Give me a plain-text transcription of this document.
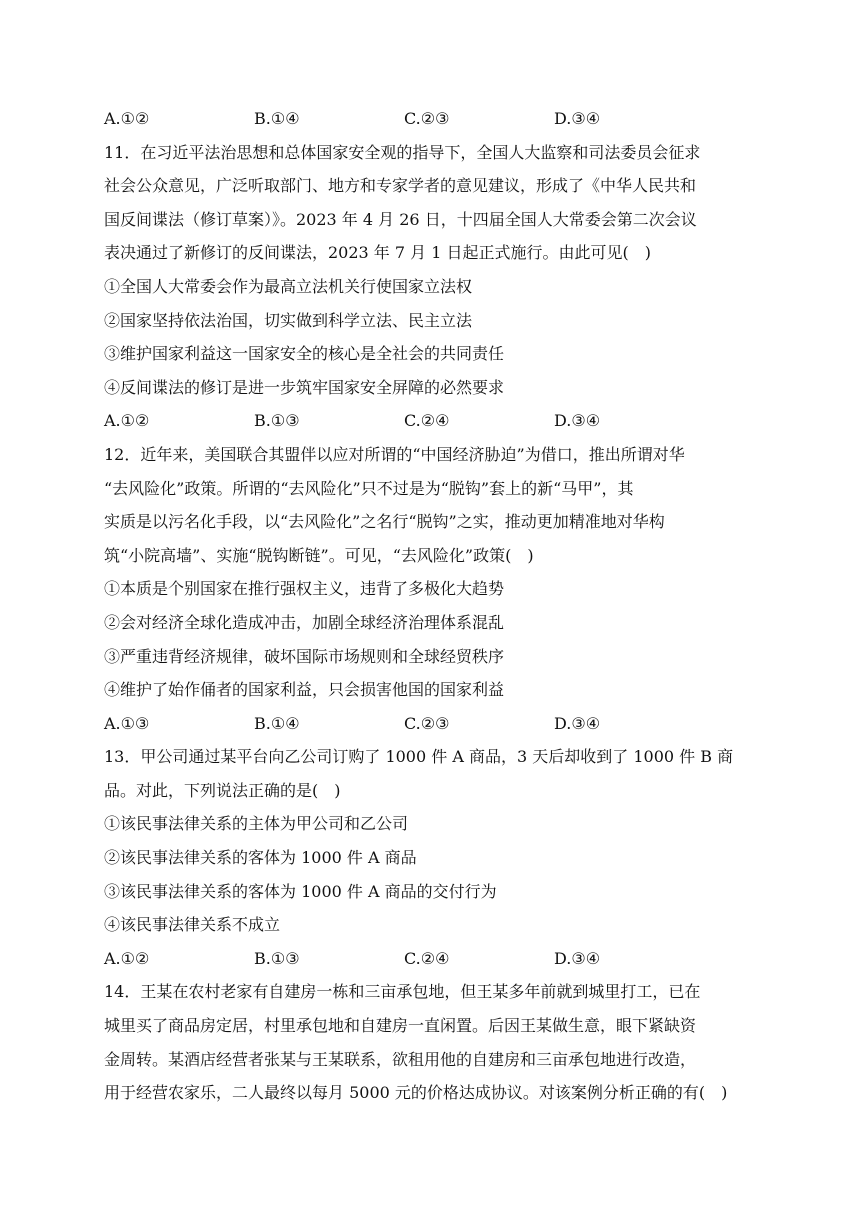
A.①②	B.①④	C.②③	D.③④
11．在习近平法治思想和总体国家安全观的指导下，全国人大监察和司法委员会征求
社会公众意见，广泛听取部门、地方和专家学者的意见建议，形成了《中华人民共和
国反间谍法（修订草案）》。2023 年 4 月 26 日，十四届全国人大常委会第二次会议
表决通过了新修订的反间谍法，2023 年 7 月 1 日起正式施行。由此可见(　)
①全国人大常委会作为最高立法机关行使国家立法权
②国家坚持依法治国，切实做到科学立法、民主立法
③维护国家利益这一国家安全的核心是全社会的共同责任
④反间谍法的修订是进一步筑牢国家安全屏障的必然要求
A.①②	B.①③	C.②④	D.③④
12．近年来，美国联合其盟伴以应对所谓的“中国经济胁迫”为借口，推出所谓对华
“去风险化”政策。所谓的“去风险化”只不过是为“脱钩”套上的新“马甲”，其
实质是以污名化手段，以“去风险化”之名行“脱钩”之实，推动更加精准地对华构
筑“小院高墙”、实施“脱钩断链”。可见，“去风险化”政策(　)
①本质是个别国家在推行强权主义，违背了多极化大趋势
②会对经济全球化造成冲击，加剧全球经济治理体系混乱
③严重违背经济规律，破坏国际市场规则和全球经贸秩序
④维护了始作俑者的国家利益，只会损害他国的国家利益
A.①③	B.①④	C.②③	D.③④
13．甲公司通过某平台向乙公司订购了 1000 件 A 商品，3 天后却收到了 1000 件 B 商
品。对此，下列说法正确的是(　)
①该民事法律关系的主体为甲公司和乙公司
②该民事法律关系的客体为 1000 件 A 商品
③该民事法律关系的客体为 1000 件 A 商品的交付行为
④该民事法律关系不成立
A.①②	B.①③	C.②④	D.③④
14．王某在农村老家有自建房一栋和三亩承包地，但王某多年前就到城里打工，已在
城里买了商品房定居，村里承包地和自建房一直闲置。后因王某做生意，眼下紧缺资
金周转。某酒店经营者张某与王某联系，欲租用他的自建房和三亩承包地进行改造，
用于经营农家乐，二人最终以每月 5000 元的价格达成协议。对该案例分析正确的有(　)
